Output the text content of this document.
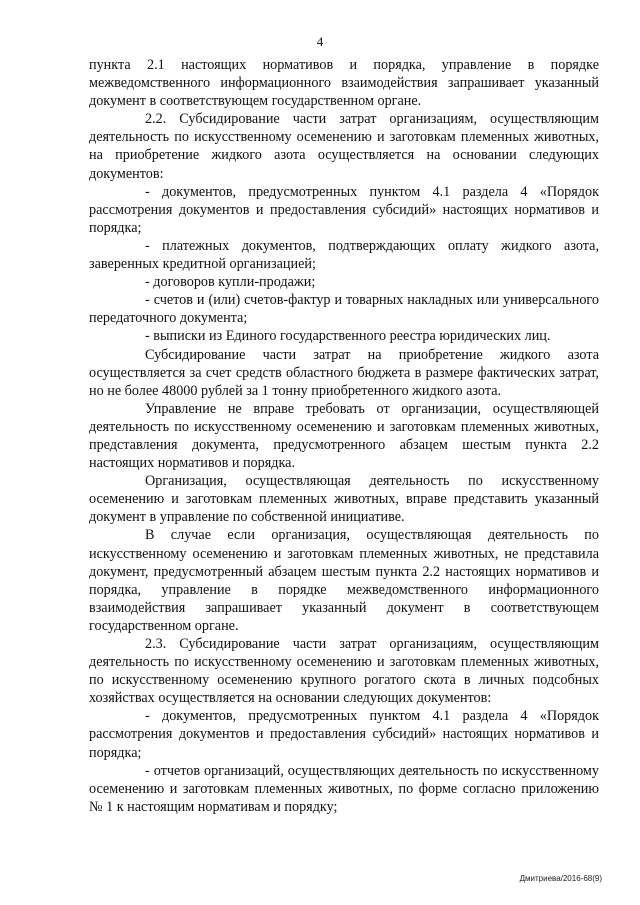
4

пункта 2.1 настоящих нормативов и порядка, управление в порядке межведомственного информационного взаимодействия запрашивает указанный документ в соответствующем государственном органе.

2.2. Субсидирование части затрат организациям, осуществляющим деятельность по искусственному осеменению и заготовкам племенных животных, на приобретение жидкого азота осуществляется на основании следующих документов:

- документов, предусмотренных пунктом 4.1 раздела 4 «Порядок рассмотрения документов и предоставления субсидий» настоящих нормативов и порядка;

- платежных документов, подтверждающих оплату жидкого азота, заверенных кредитной организацией;

- договоров купли-продажи;

- счетов и (или) счетов-фактур и товарных накладных или универсального передаточного документа;

- выписки из Единого государственного реестра юридических лиц.

Субсидирование части затрат на приобретение жидкого азота осуществляется за счет средств областного бюджета в размере фактических затрат, но не более 48000 рублей за 1 тонну приобретенного жидкого азота.

Управление не вправе требовать от организации, осуществляющей деятельность по искусственному осеменению и заготовкам племенных животных, представления документа, предусмотренного абзацем шестым пункта 2.2 настоящих нормативов и порядка.

Организация, осуществляющая деятельность по искусственному осеменению и заготовкам племенных животных, вправе представить указанный документ в управление по собственной инициативе.

В случае если организация, осуществляющая деятельность по искусственному осеменению и заготовкам племенных животных, не представила документ, предусмотренный абзацем шестым пункта 2.2 настоящих нормативов и порядка, управление в порядке межведомственного информационного взаимодействия запрашивает указанный документ в соответствующем государственном органе.

2.3. Субсидирование части затрат организациям, осуществляющим деятельность по искусственному осеменению и заготовкам племенных животных, по искусственному осеменению крупного рогатого скота в личных подсобных хозяйствах осуществляется на основании следующих документов:

- документов, предусмотренных пунктом 4.1 раздела 4 «Порядок рассмотрения документов и предоставления субсидий» настоящих нормативов и порядка;

- отчетов организаций, осуществляющих деятельность по искусственному осеменению и заготовкам племенных животных, по форме согласно приложению № 1 к настоящим нормативам и порядку;

Дмитриева/2016-68(9)
